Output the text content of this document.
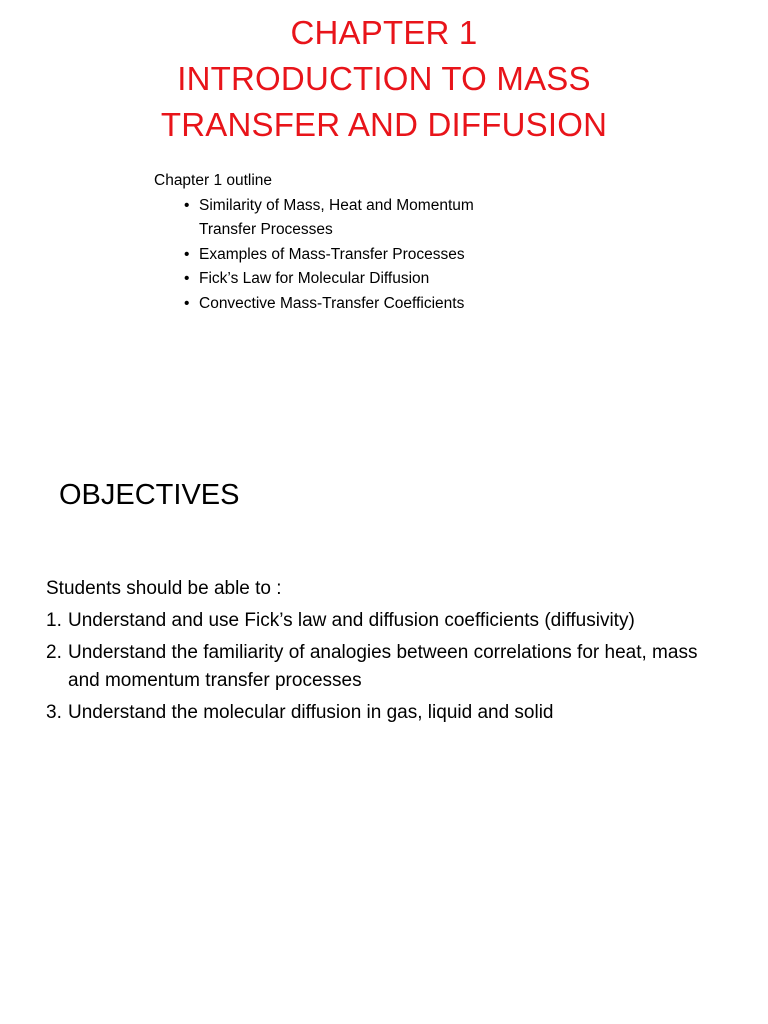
CHAPTER 1
INTRODUCTION TO MASS
TRANSFER AND DIFFUSION
Chapter 1 outline
• Similarity of Mass, Heat and Momentum Transfer Processes
• Examples of Mass-Transfer Processes
• Fick’s Law for Molecular Diffusion
• Convective Mass-Transfer Coefficients
OBJECTIVES
Students should be able to :
1. Understand and use Fick’s law and diffusion coefficients (diffusivity)
2. Understand the familiarity of analogies between correlations for heat, mass and momentum transfer processes
3. Understand the molecular diffusion in gas, liquid and solid
